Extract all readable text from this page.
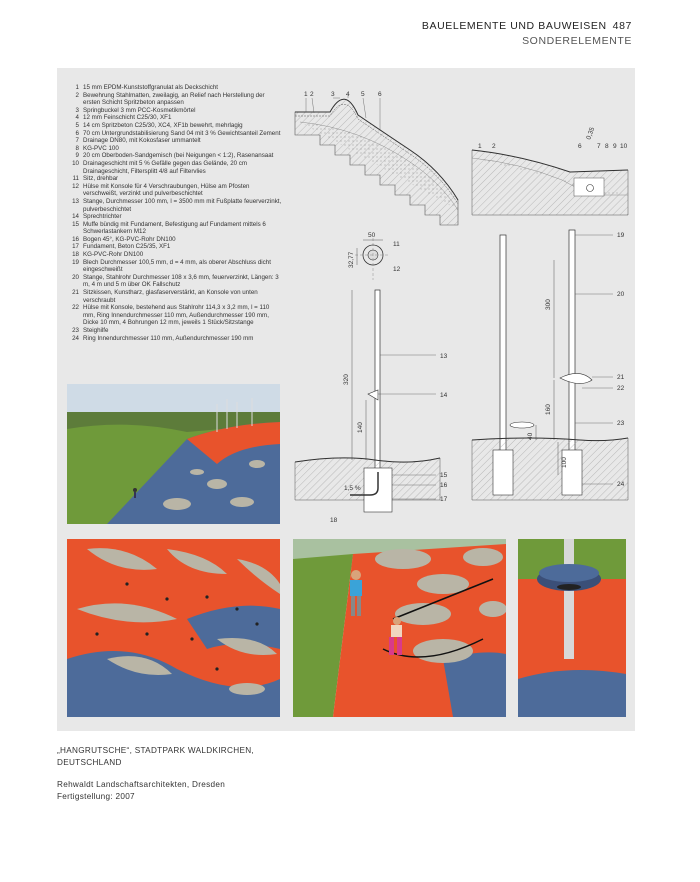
BAUELEMENTE UND BAUWEISEN 487
SONDERELEMENTE
1 15 mm EPDM-Kunststoffgranulat als Deckschicht
2 Bewehrung Stahlmatten, zweilagig, an Relief nach Herstellung der ersten Schicht Spritzbeton anpassen
3 Springbuckel 3 mm PCC-Kosmetikmörtel
4 12 mm Feinschicht C25/30, XF1
5 14 cm Spritzbeton C25/30, XC4, XF1b bewehrt, mehrlagig
6 70 cm Untergrundstabilisierung Sand 04 mit 3 % Gewichtsanteil Zement
7 Drainage DN80, mit Kokosfaser ummantelt
8 KG-PVC 100
9 20 cm Oberboden-Sandgemisch (bei Neigungen < 1:2), Rasenansaat
10 Drainageschicht mit 5 % Gefälle gegen das Gelände, 20 cm Drainageschicht, Filtersplitt 4/8 auf Filtervlies
11 Sitz, drehbar
12 Hülse mit Konsole für 4 Verschraubungen, Hülse am Pfosten verschweißt, verzinkt und pulverbeschichtet
13 Stange, Durchmesser 100 mm, l = 3500 mm mit Fußplatte feuerverzinkt, pulverbeschichtet
14 Sprechtrichter
15 Muffe bündig mit Fundament, Befestigung auf Fundament mittels 6 Schwerlastankern M12
16 Bogen 45°, KG-PVC-Rohr DN100
17 Fundament, Beton C25/35, XF1
18 KG-PVC-Rohr DN100
19 Blech Durchmesser 100,5 mm, d = 4 mm, als oberer Abschluss dicht eingeschweißt
20 Stange, Stahlrohr Durchmesser 108 x 3,6 mm, feuerverzinkt, Längen: 3 m, 4 m und 5 m über OK Fallschutz
21 Sitzkissen, Kunstharz, glasfaserverstärkt, an Konsole von unten verschraubt
22 Hülse mit Konsole, bestehend aus Stahlrohr 114,3 x 3,2 mm, l = 110 mm, Ring Innendurchmesser 110 mm, Außendurchmesser 190 mm, Dicke 10 mm, 4 Bohrungen 12 mm, jeweils 1 Stück/Sitzstange
23 Steighilfe
24 Ring Innendurchmesser 110 mm, Außendurchmesser 190 mm
1 2	3 4 5 6
1 2	6 7 8 9 10
0,35
50
32,77
11
12
320
140
1,5 %
13
14
15
16
17
18
300
160
100
40
19
20
21
22
23
24
„HANGRUTSCHE“, STADTPARK WALDKIRCHEN,
DEUTSCHLAND
Rehwaldt Landschaftsarchitekten, Dresden
Fertigstellung: 2007
